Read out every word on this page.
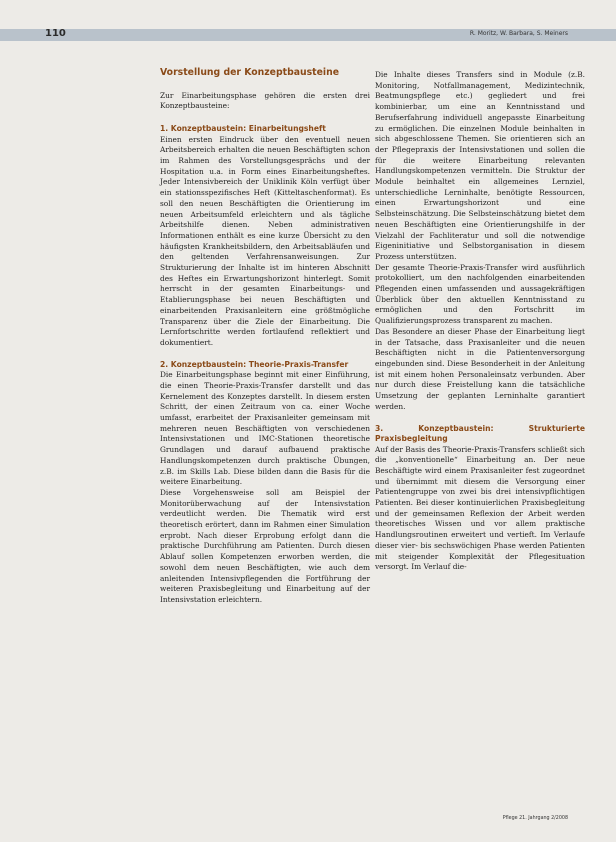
110	R. Moritz, W. Barbara, S. Meiners
Vorstellung der Konzeptbausteine

Zur Einarbeitungsphase gehören die ersten drei Konzeptbausteine:

1. Konzeptbaustein: Einarbeitungsheft

Einen ersten Eindruck über den eventuell neuen Arbeitsbereich erhalten die neuen Beschäftigten schon im Rahmen des Vorstellungsgesprächs und der Hospitation u.a. in Form eines Einarbeitungsheftes. Jeder Intensivbereich der Uniklinik Köln verfügt über ein stationsspezifisches Heft (Kitteltaschenformat). Es soll den neuen Beschäftigten die Orientierung im neuen Arbeitsumfeld erleichtern und als tägliche Arbeitshilfe dienen. Neben administrativen Informationen enthält es eine kurze Übersicht zu den häufigsten Krankheitsbildern, den Arbeitsabläufen und den geltenden Verfahrensanweisungen. Zur Strukturierung der Inhalte ist im hinteren Abschnitt des Heftes ein Erwartungshorizont hinterlegt. Somit herrscht in der gesamten Einarbeitungs- und Etablierungsphase bei neuen Beschäftigten und einarbeitenden Praxisanleitern eine größtmögliche Transparenz über die Ziele der Einarbeitung. Die Lernfortschritte werden fortlaufend reflektiert und dokumentiert.

2. Konzeptbaustein: Theorie-Praxis-Transfer

Die Einarbeitungsphase beginnt mit einer Einführung, die einen Theorie-Praxis-Transfer darstellt und das Kernelement des Konzeptes darstellt. In diesem ersten Schritt, der einen Zeitraum von ca. einer Woche umfasst, erarbeitet der Praxisanleiter gemeinsam mit mehreren neuen Beschäftigten von verschiedenen Intensivstationen und IMC-Stationen theoretische Grundlagen und darauf aufbauend praktische Handlungskompetenzen durch praktische Übungen, z.B. im Skills Lab. Diese bilden dann die Basis für die weitere Einarbeitung.

Diese Vorgehensweise soll am Beispiel der Monitorüberwachung auf der Intensivstation verdeutlicht werden. Die Thematik wird erst theoretisch erörtert, dann im Rahmen einer Simulation erprobt. Nach dieser Erprobung erfolgt dann die praktische Durchführung am Patienten. Durch diesen Ablauf sollen Kompetenzen erworben werden, die sowohl dem neuen Beschäftigten, wie auch dem anleitenden Intensivpflegenden die Fortführung der weiteren Praxisbegleitung und Einarbeitung auf der Intensivstation erleichtern.

Die Inhalte dieses Transfers sind in Module (z.B. Monitoring, Notfallmanagement, Medizintechnik, Beatmungspflege etc.) gegliedert und frei kombinierbar, um eine an Kenntnisstand und Berufserfahrung individuell angepasste Einarbeitung zu ermöglichen. Die einzelnen Module beinhalten in sich abgeschlossene Themen. Sie orientieren sich an der Pflegepraxis der Intensivstationen und sollen die für die weitere Einarbeitung relevanten Handlungskompetenzen vermitteln. Die Struktur der Module beinhaltet ein allgemeines Lernziel, unterschiedliche Lerninhalte, benötigte Ressourcen, einen Erwartungshorizont und eine Selbsteinschätzung. Die Selbsteinschätzung bietet dem neuen Beschäftigten eine Orientierungshilfe in der Vielzahl der Fachliteratur und soll die notwendige Eigeninitiative und Selbstorganisation in diesem Prozess unterstützen.

Der gesamte Theorie-Praxis-Transfer wird ausführlich protokolliert, um den nachfolgenden einarbeitenden Pflegenden einen umfassenden und aussagekräftigen Überblick über den aktuellen Kenntnisstand zu ermöglichen und den Fortschritt im Qualifizierungsprozess transparent zu machen.

Das Besondere an dieser Phase der Einarbeitung liegt in der Tatsache, dass Praxisanleiter und die neuen Beschäftigten nicht in die Patientenversorgung eingebunden sind. Diese Besonderheit in der Anleitung ist mit einem hohen Personaleinsatz verbunden. Aber nur durch diese Freistellung kann die tatsächliche Umsetzung der geplanten Lerninhalte garantiert werden.

3. Konzeptbaustein: Strukturierte Praxisbegleitung

Auf der Basis des Theorie-Praxis-Transfers schließt sich die „konventionelle“ Einarbeitung an. Der neue Beschäftigte wird einem Praxisanleiter fest zugeordnet und übernimmt mit diesem die Versorgung einer Patientengruppe von zwei bis drei intensivpflichtigen Patienten. Bei dieser kontinuierlichen Praxisbegleitung und der gemeinsamen Reflexion der Arbeit werden theoretisches Wissen und vor allem praktische Handlungsroutinen erweitert und vertieft. Im Verlaufe dieser vier- bis sechswöchigen Phase werden Patienten mit steigender Komplexität der Pflegesituation versorgt. Im Verlauf die-

Pflege 21. Jahrgang 2/2008
